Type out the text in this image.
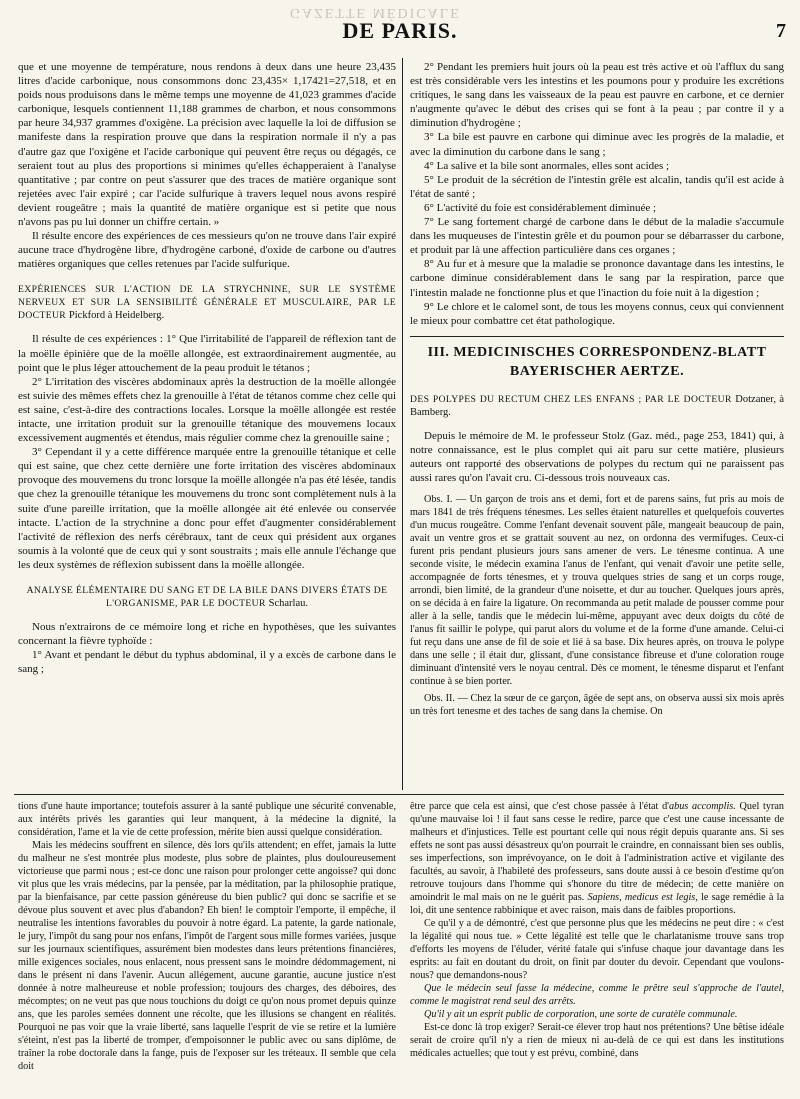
GAZETTE MÉDICALE
DE PARIS.	7

que et une moyenne de température, nous rendons à deux dans une heure 23,435 litres d'acide carbonique, nous consommons donc 23,435× 1,17421=27,518, et en poids nous produisons dans le même temps une moyenne de 41,023 grammes d'acide carbonique, lesquels contiennent 11,188 grammes de charbon, et nous consommons par heure 34,937 grammes d'oxigène. La précision avec laquelle la loi de diffusion se manifeste dans la respiration prouve que dans la respiration normale il n'y a pas d'autre gaz que l'oxigène et l'acide carbonique qui peuvent être reçus ou dégagés, ce seraient tout au plus des proportions si minimes qu'elles échapperaient à l'analyse quantitative ; par contre on peut s'assurer que des traces de matière organique sont rejetées avec l'air expiré ; car l'acide sulfurique à travers lequel nous avons respiré devient rougeâtre ; mais la quantité de matière organique est si petite que nous n'avons pas pu lui donner un chiffre certain. »

Il résulte encore des expériences de ces messieurs qu'on ne trouve dans l'air expiré aucune trace d'hydrogène libre, d'hydrogène carboné, d'oxide de carbone ou d'autres matières organiques que celles retenues par l'acide sulfurique.

EXPÉRIENCES SUR L'ACTION DE LA STRYCHNINE, SUR LE SYSTÈME NERVEUX ET SUR LA SENSIBILITÉ GÉNÉRALE ET MUSCULAIRE, PAR LE DOCTEUR Pickford à Heidelberg.

Il résulte de ces expériences : 1° Que l'irritabilité de l'appareil de réflexion tant de la moëlle épinière que de la moëlle allongée, est extraordinairement augmentée, au point que le plus léger attouchement de la peau produit le tétanos ;

2° L'irritation des viscères abdominaux après la destruction de la moëlle allongée est suivie des mêmes effets chez la grenouille à l'état de tétanos comme chez celle qui est saine, c'est-à-dire des contractions locales. Lorsque la moëlle allongée est restée intacte, une irritation produit sur la grenouille tétanique des mouvemens locaux excessivement augmentés et étendus, mais régulier comme chez la grenouille saine ;

3° Cependant il y a cette différence marquée entre la grenouille tétanique et celle qui est saine, que chez cette dernière une forte irritation des viscères abdominaux provoque des mouvemens du tronc lorsque la moëlle allongée n'a pas été lésée, tandis que chez la grenouille tétanique les mouvemens du tronc sont complètement nuls à la suite d'une pareille irritation, que la moëlle allongée ait été enlevée ou conservée intacte. L'action de la strychnine a donc pour effet d'augmenter considérablement l'activité de réflexion des nerfs cérébraux, tant de ceux qui président aux organes soumis à la volonté que de ceux qui y sont soustraits ; mais elle annule l'échange que les deux systèmes de réflexion subissent dans la moëlle allongée.

ANALYSE ÉLÉMENTAIRE DU SANG ET DE LA BILE DANS DIVERS ÉTATS DE L'ORGANISME, PAR LE DOCTEUR Scharlau.

Nous n'extrairons de ce mémoire long et riche en hypothèses, que les suivantes concernant la fièvre typhoïde :

1° Avant et pendant le début du typhus abdominal, il y a excès de carbone dans le sang ;

2° Pendant les premiers huit jours où la peau est très active et où l'afflux du sang est très considérable vers les intestins et les poumons pour y produire les excrétions critiques, le sang dans les vaisseaux de la peau est pauvre en carbone, et ce dernier n'augmente qu'avec le début des crises qui se font à la peau ; par contre il y a diminution d'hydrogène ;

3° La bile est pauvre en carbone qui diminue avec les progrès de la maladie, et avec la diminution du carbone dans le sang ;

4° La salive et la bile sont anormales, elles sont acides ;

5° Le produit de la sécrétion de l'intestin grêle est alcalin, tandis qu'il est acide à l'état de santé ;

6° L'activité du foie est considérablement diminuée ;

7° Le sang fortement chargé de carbone dans le début de la maladie s'accumule dans les muqueuses de l'intestin grêle et du poumon pour se débarrasser du carbone, et produit par là une affection particulière dans ces organes ;

8° Au fur et à mesure que la maladie se prononce davantage dans les intestins, le carbone diminue considérablement dans le sang par la respiration, parce que l'intestin malade ne fonctionne plus et que l'inaction du foie nuit à la digestion ;

9° Le chlore et le calomel sont, de tous les moyens connus, ceux qui conviennent le mieux pour combattre cet état pathologique.

III. MEDICINISCHES CORRESPONDENZ-BLATT BAYERISCHER AERTZE.
DES POLYPES DU RECTUM CHEZ LES ENFANS ; PAR LE DOCTEUR Dotzaner, à Bamberg.

Depuis le mémoire de M. le professeur Stolz (Gaz. méd., page 253, 1841) qui, à notre connaissance, est le plus complet qui ait paru sur cette matière, plusieurs auteurs ont rapporté des observations de polypes du rectum qui ne paraissent pas aussi rares qu'on l'avait cru. Ci-dessous trois nouveaux cas.

Obs. I. — Un garçon de trois ans et demi, fort et de parens sains, fut pris au mois de mars 1841 de très fréquens ténesmes. Les selles étaient naturelles et quelquefois couvertes d'un mucus rougeâtre. Comme l'enfant devenait souvent pâle, mangeait beaucoup de pain, avait un ventre gros et se grattait souvent au nez, on ordonna des vermifuges. Ceux-ci furent pris pendant plusieurs jours sans amener de vers. Le ténesme continua. A une seconde visite, le médecin examina l'anus de l'enfant, qui venait d'avoir une petite selle, accompagnée de forts ténesmes, et y trouva quelques stries de sang et un corps rouge, arrondi, bien limité, de la grandeur d'une noisette, et dur au toucher. Quelques jours après, on se décida à en faire la ligature. On recommanda au petit malade de pousser comme pour aller à la selle, tandis que le médecin lui-même, appuyant avec deux doigts du côté de l'anus fit saillir le polype, qui parut alors du volume et de la forme d'une amande. Celui-ci fut reçu dans une anse de fil de soie et lié à sa base. Dix heures après, on trouva le polype dans une selle ; il était dur, glissant, d'une consistance fibreuse et d'une coloration rouge diminuant d'intensité vers le noyau central. Dès ce moment, le ténesme disparut et l'enfant continue à se bien porter.

Obs. II. — Chez la sœur de ce garçon, âgée de sept ans, on observa aussi six mois après un très fort tenesme et des taches de sang dans la chemise. On

tions d'une haute importance; toutefois assurer à la santé publique une sécurité convenable, aux intérêts privés les garanties qui leur manquent, à la médecine la dignité, la considération, l'ame et la vie de cette profession, mérite bien aussi quelque considération.

Mais les médecins souffrent en silence, dès lors qu'ils attendent; en effet, jamais la lutte du malheur ne s'est montrée plus modeste, plus sobre de plaintes, plus douloureusement victorieuse que parmi nous ; est-ce donc une raison pour prolonger cette angoisse? qui donc vit plus que les vrais médecins, par la pensée, par la méditation, par la philosophie pratique, par la bienfaisance, par cette passion généreuse du bien public? qui donc se sacrifie et se dévoue plus souvent et avec plus d'abandon? Eh bien! le comptoir l'emporte, il empêche, il neutralise les intentions favorables du pouvoir à notre égard. La patente, la garde nationale, le jury, l'impôt du sang pour nos enfans, l'impôt de l'argent sous mille formes variées, jusque sur les journaux scientifiques, assurément bien modestes dans leurs prétentions financières, mille exigences sociales, nous enlacent, nous pressent sans le moindre dédommagement, ni dans le présent ni dans l'avenir. Aucun allégement, aucune garantie, aucune justice n'est donnée à notre malheureuse et noble profession; toujours des charges, des déboires, des mécomptes; on ne veut pas que nous touchions du doigt ce qu'on nous promet depuis quinze ans, que les paroles semées donnent une récolte, que les illusions se changent en réalités. Pourquoi ne pas voir que la vraie liberté, sans laquelle l'esprit de vie se retire et la lumière s'éteint, n'est pas la liberté de tromper, d'empoisonner le public avec ou sans diplôme, de traîner la robe doctorale dans la fange, puis de l'exposer sur les tréteaux. Il semble que cela doit

être parce que cela est ainsi, que c'est chose passée à l'état d'abus accomplis. Quel tyran qu'une mauvaise loi ! il faut sans cesse le redire, parce que c'est une cause incessante de malheurs et d'injustices. Telle est pourtant celle qui nous régit depuis quarante ans. Si ses effets ne sont pas aussi désastreux qu'on pourrait le craindre, en connaissant bien ses oublis, ses imperfections, son imprévoyance, on le doit à l'administration active et vigilante des facultés, au savoir, à l'habileté des professeurs, sans doute aussi à ce besoin d'estime qu'on retrouve toujours dans l'homme qui s'honore du titre de médecin; de cette manière on amoindrit le mal mais on ne le guérit pas. Sapiens, medicus est legis, le sage remédie à la loi, dit une sentence rabbinique et avec raison, mais dans de faibles proportions.

Ce qu'il y a de démontré, c'est que personne plus que les médecins ne peut dire : « c'est la légalité qui nous tue. » Cette légalité est telle que le charlatanisme trouve sans trop d'efforts les moyens de l'éluder, vérité fatale qui s'infuse chaque jour davantage dans les esprits: au fait en doutant du droit, on finit par douter du devoir. Cependant que voulons-nous? que demandons-nous?

Que le médecin seul fasse la médecine, comme le prêtre seul s'approche de l'autel, comme le magistrat rend seul des arrêts.

Qu'il y ait un esprit public de corporation, une sorte de curatèle communale.

Est-ce donc là trop exiger? Serait-ce élever trop haut nos prétentions? Une bêtise idéale serait de croire qu'il n'y a rien de mieux ni au-delà de ce qui est dans les institutions médicales actuelles; que tout y est prévu, combiné, dans
